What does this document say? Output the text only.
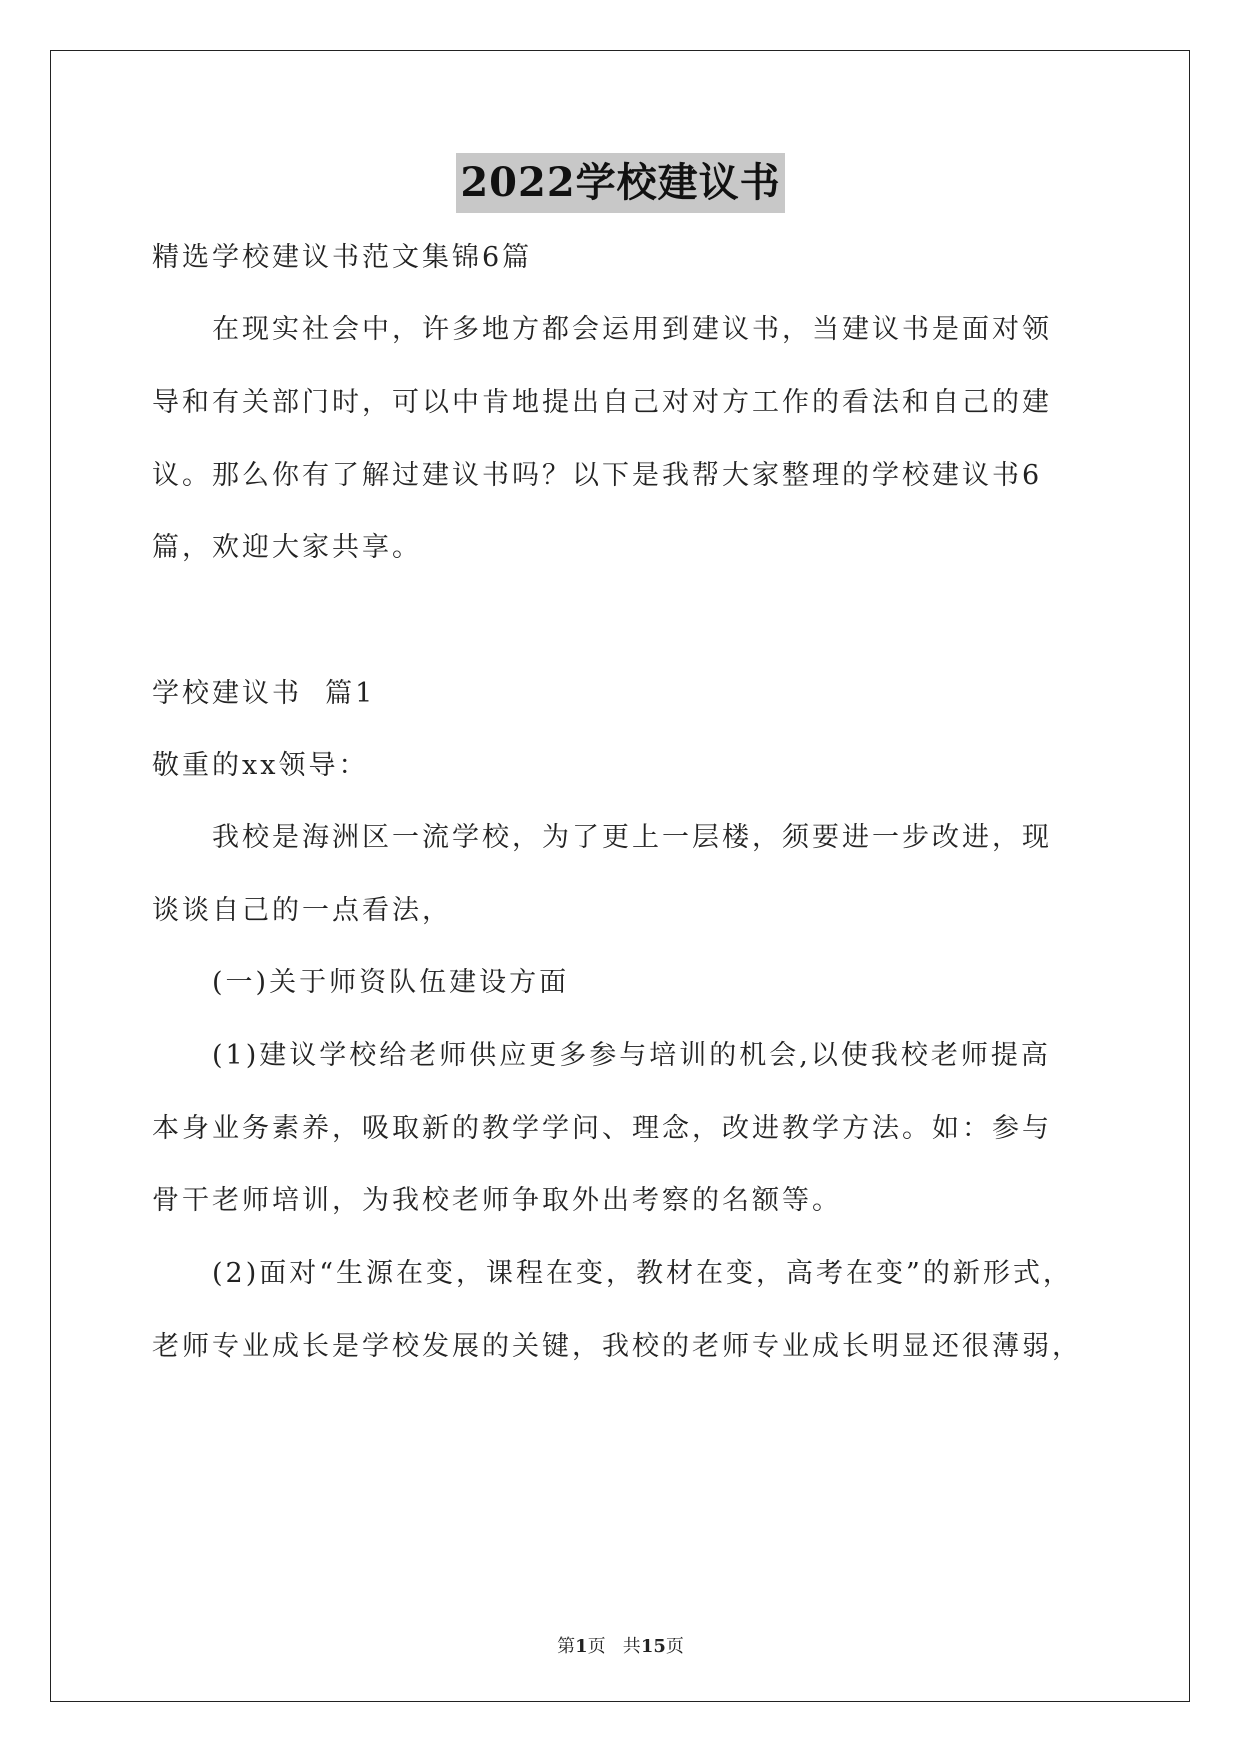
2022学校建议书
精选学校建议书范文集锦6篇
在现实社会中，许多地方都会运用到建议书，当建议书是面对领
导和有关部门时，可以中肯地提出自己对对方工作的看法和自己的建
议。那么你有了解过建议书吗？以下是我帮大家整理的学校建议书6
篇，欢迎大家共享。
学校建议书  篇1
敬重的xx领导：
我校是海洲区一流学校，为了更上一层楼，须要进一步改进，现
谈谈自己的一点看法，
(一)关于师资队伍建设方面
(1)建议学校给老师供应更多参与培训的机会,以使我校老师提高
本身业务素养，吸取新的教学学问、理念，改进教学方法。如：参与
骨干老师培训，为我校老师争取外出考察的名额等。
(2)面对“生源在变，课程在变，教材在变，高考在变”的新形式，
老师专业成长是学校发展的关键，我校的老师专业成长明显还很薄弱，
第1页   共15页
